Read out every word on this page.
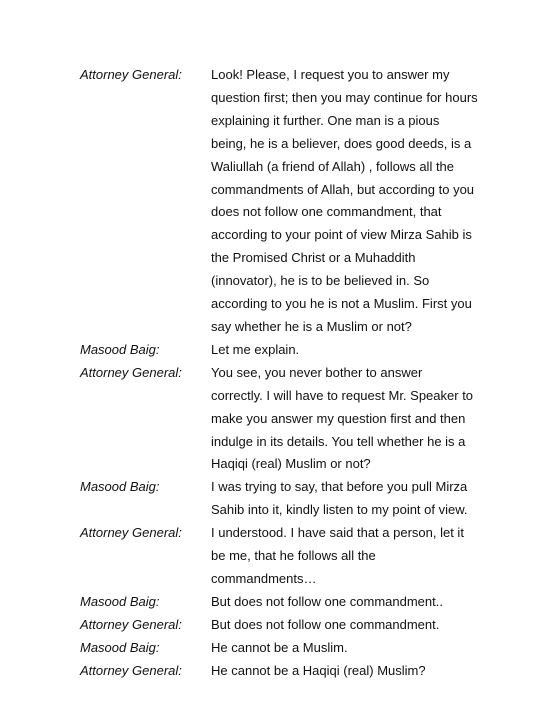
Attorney General:	Look! Please, I request you to answer my
question first; then you may continue for hours
explaining it further. One man is a pious
being, he is a believer, does good deeds, is a
Waliullah (a friend of Allah) , follows all the
commandments of Allah, but according to you
does not follow one commandment, that
according to your point of view Mirza Sahib is
the Promised Christ or a Muhaddith
(innovator), he is to be believed in. So
according to you he is not a Muslim. First you
say whether he is a Muslim or not?
Masood Baig:	Let me explain.
Attorney General:	You see, you never bother to answer
correctly. I will have to request Mr. Speaker to
make you answer my question first and then
indulge in its details. You tell whether he is a
Haqiqi (real) Muslim or not?
Masood Baig:	I was trying to say, that before you pull Mirza
Sahib into it, kindly listen to my point of view.
Attorney General:	I understood. I have said that a person, let it
be me, that he follows all the
commandments…
Masood Baig:	But does not follow one commandment..
Attorney General:	But does not follow one commandment.
Masood Baig:	He cannot be a Muslim.
Attorney General:	He cannot be a Haqiqi (real) Muslim?
